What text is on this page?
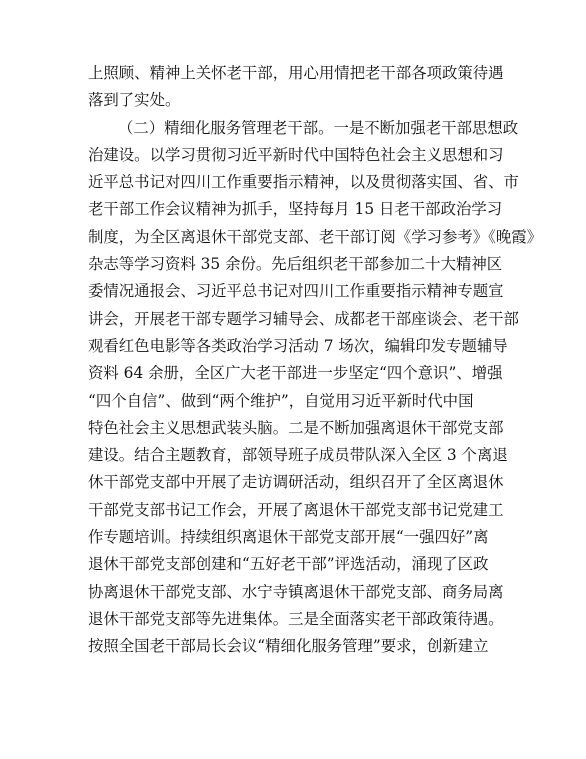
上照顾、精神上关怀老干部，用心用情把老干部各项政策待遇
落到了实处。
（二）精细化服务管理老干部。一是不断加强老干部思想政
治建设。以学习贯彻习近平新时代中国特色社会主义思想和习
近平总书记对四川工作重要指示精神，以及贯彻落实国、省、市
老干部工作会议精神为抓手，坚持每月 15 日老干部政治学习
制度，为全区离退休干部党支部、老干部订阅《学习参考》《晚霞》
杂志等学习资料 35 余份。先后组织老干部参加二十大精神区
委情况通报会、习近平总书记对四川工作重要指示精神专题宣
讲会，开展老干部专题学习辅导会、成都老干部座谈会、老干部
观看红色电影等各类政治学习活动 7 场次，编辑印发专题辅导
资料 64 余册，全区广大老干部进一步坚定“四个意识”、增强
“四个自信”、做到“两个维护”，自觉用习近平新时代中国
特色社会主义思想武装头脑。二是不断加强离退休干部党支部
建设。结合主题教育，部领导班子成员带队深入全区 3 个离退
休干部党支部中开展了走访调研活动，组织召开了全区离退休
干部党支部书记工作会，开展了离退休干部党支部书记党建工
作专题培训。持续组织离退休干部党支部开展“一强四好”离
退休干部党支部创建和“五好老干部”评选活动，涌现了区政
协离退休干部党支部、水宁寺镇离退休干部党支部、商务局离
退休干部党支部等先进集体。三是全面落实老干部政策待遇。
按照全国老干部局长会议“精细化服务管理”要求，创新建立
